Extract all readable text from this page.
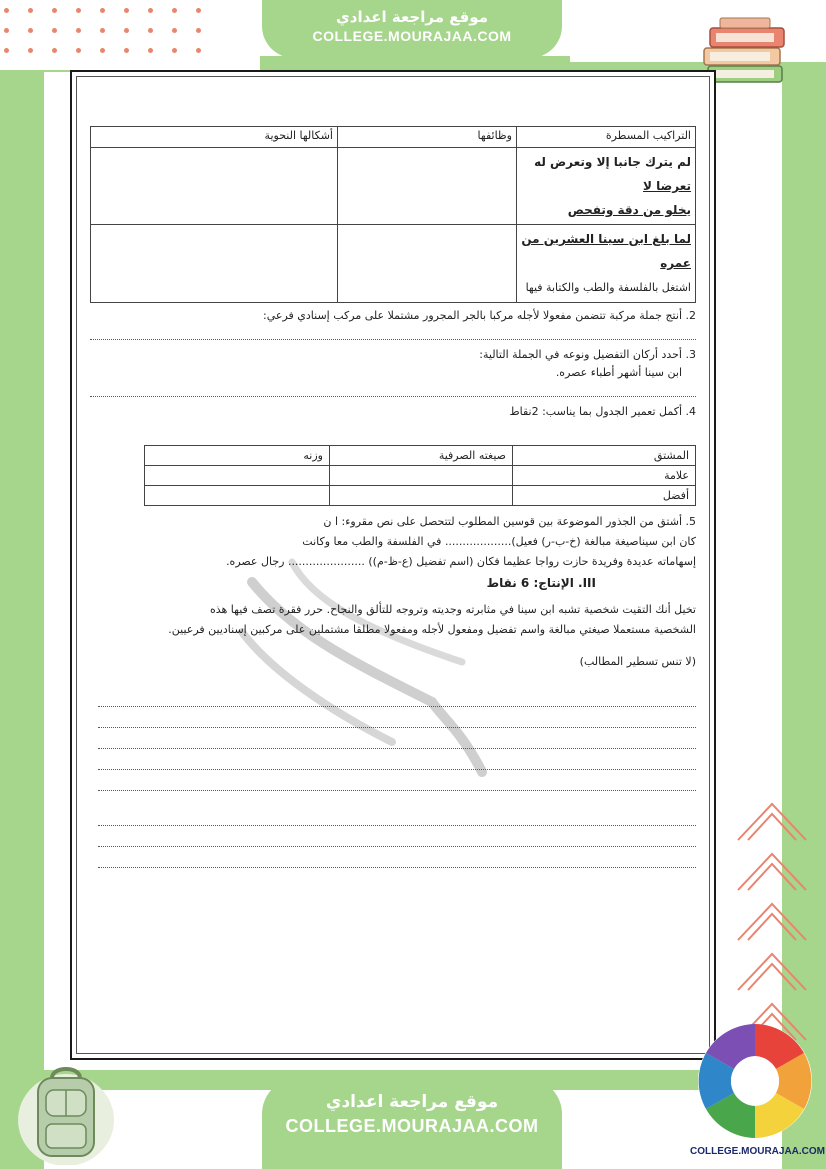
موقع مراجعة اعدادي
COLLEGE.MOURAJAA.COM
التراكيب المسطرة	وظائفها	أشكالها النحوية
لم يترك جانبا إلا وتعرض له تعرضا لا
يخلو من دقة وتفحص		
لما بلغ ابن سينا العشرين من عمره
اشتغل بالفلسفة والطب والكتابة فيها		
2. أنتج جملة مركبة تتضمن مفعولا لأجله مركبا بالجر المجرور مشتملا على مركب إسنادي فرعي:
3. أحدد أركان التفضيل ونوعه في الجملة التالية:
ابن سينا أشهر أطباء عصره.
4. أكمل تعمير الجدول بما يناسب: 2نقاط
المشتق	صيغته الصرفية	وزنه
علامة		
أفضل		
5. أشتق من الجذور الموضوعة بين قوسين المطلوب لتتحصل على نص مقروء: ا ن
كان ابن سيناصيغة مبالغة (خ-ب-ر) فعيل)................... في الفلسفة والطب معا وكانت
إسهاماته عديدة وفريدة حازت رواجا عظيما فكان (اسم تفضيل (ع-ظ-م)) ...................... رجال عصره.
III. الإنتاج: 6 نقاط
تخيل أنك التقيت شخصية تشبه ابن سينا في مثابرته وجديته وتروجه للتألق والنجاح. حرر فقرة تصف فيها هذه
الشخصية مستعملا صيغتي مبالغة واسم تفضيل ومفعول لأجله ومفعولا مطلقا مشتملين على مركبين إسناديين فرعيين.
(لا تنس تسطير المطالب)
موقع مراجعة اعدادي
COLLEGE.MOURAJAA.COM
COLLEGE.MOURAJAA.COM
